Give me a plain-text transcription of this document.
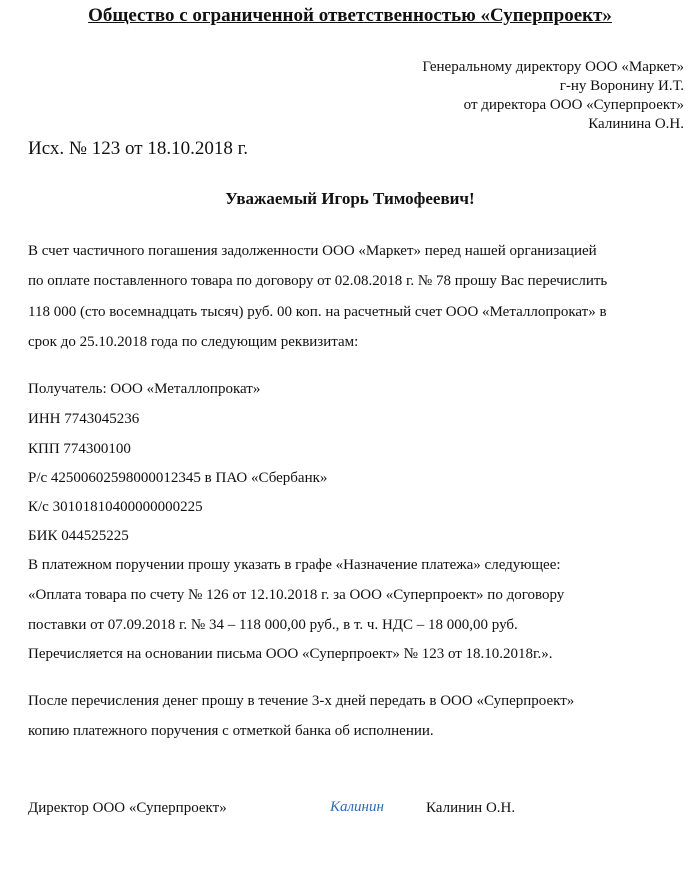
Общество с ограниченной ответственностью «Суперпроект»
Генеральному директору ООО «Маркет»
г-ну Воронину И.Т.
от директора ООО «Суперпроект»
Калинина О.Н.
Исх. № 123 от 18.10.2018 г.
Уважаемый Игорь Тимофеевич!
В счет частичного погашения задолженности ООО «Маркет» перед нашей организацией
по оплате поставленного товара по договору от 02.08.2018 г. № 78 прошу Вас перечислить
118 000 (сто восемнадцать тысяч) руб. 00 коп. на расчетный счет ООО «Металлопрокат» в
срок до 25.10.2018 года по следующим реквизитам:
Получатель: ООО «Металлопрокат»
ИНН 7743045236
КПП 774300100
Р/с 42500602598000012345 в ПАО «Сбербанк»
К/с 30101810400000000225
БИК 044525225
В платежном поручении прошу указать в графе «Назначение платежа» следующее:
«Оплата товара по счету № 126 от 12.10.2018 г. за ООО «Суперпроект» по договору
поставки от 07.09.2018 г. № 34 – 118 000,00 руб., в т. ч. НДС – 18 000,00 руб.
Перечисляется на основании письма ООО «Суперпроект» № 123 от 18.10.2018г.».
После перечисления денег прошу в течение 3-х дней передать в ООО «Суперпроект»
копию платежного поручения с отметкой банка об исполнении.
Директор ООО «Суперпроект»	Калинин	Калинин О.Н.
